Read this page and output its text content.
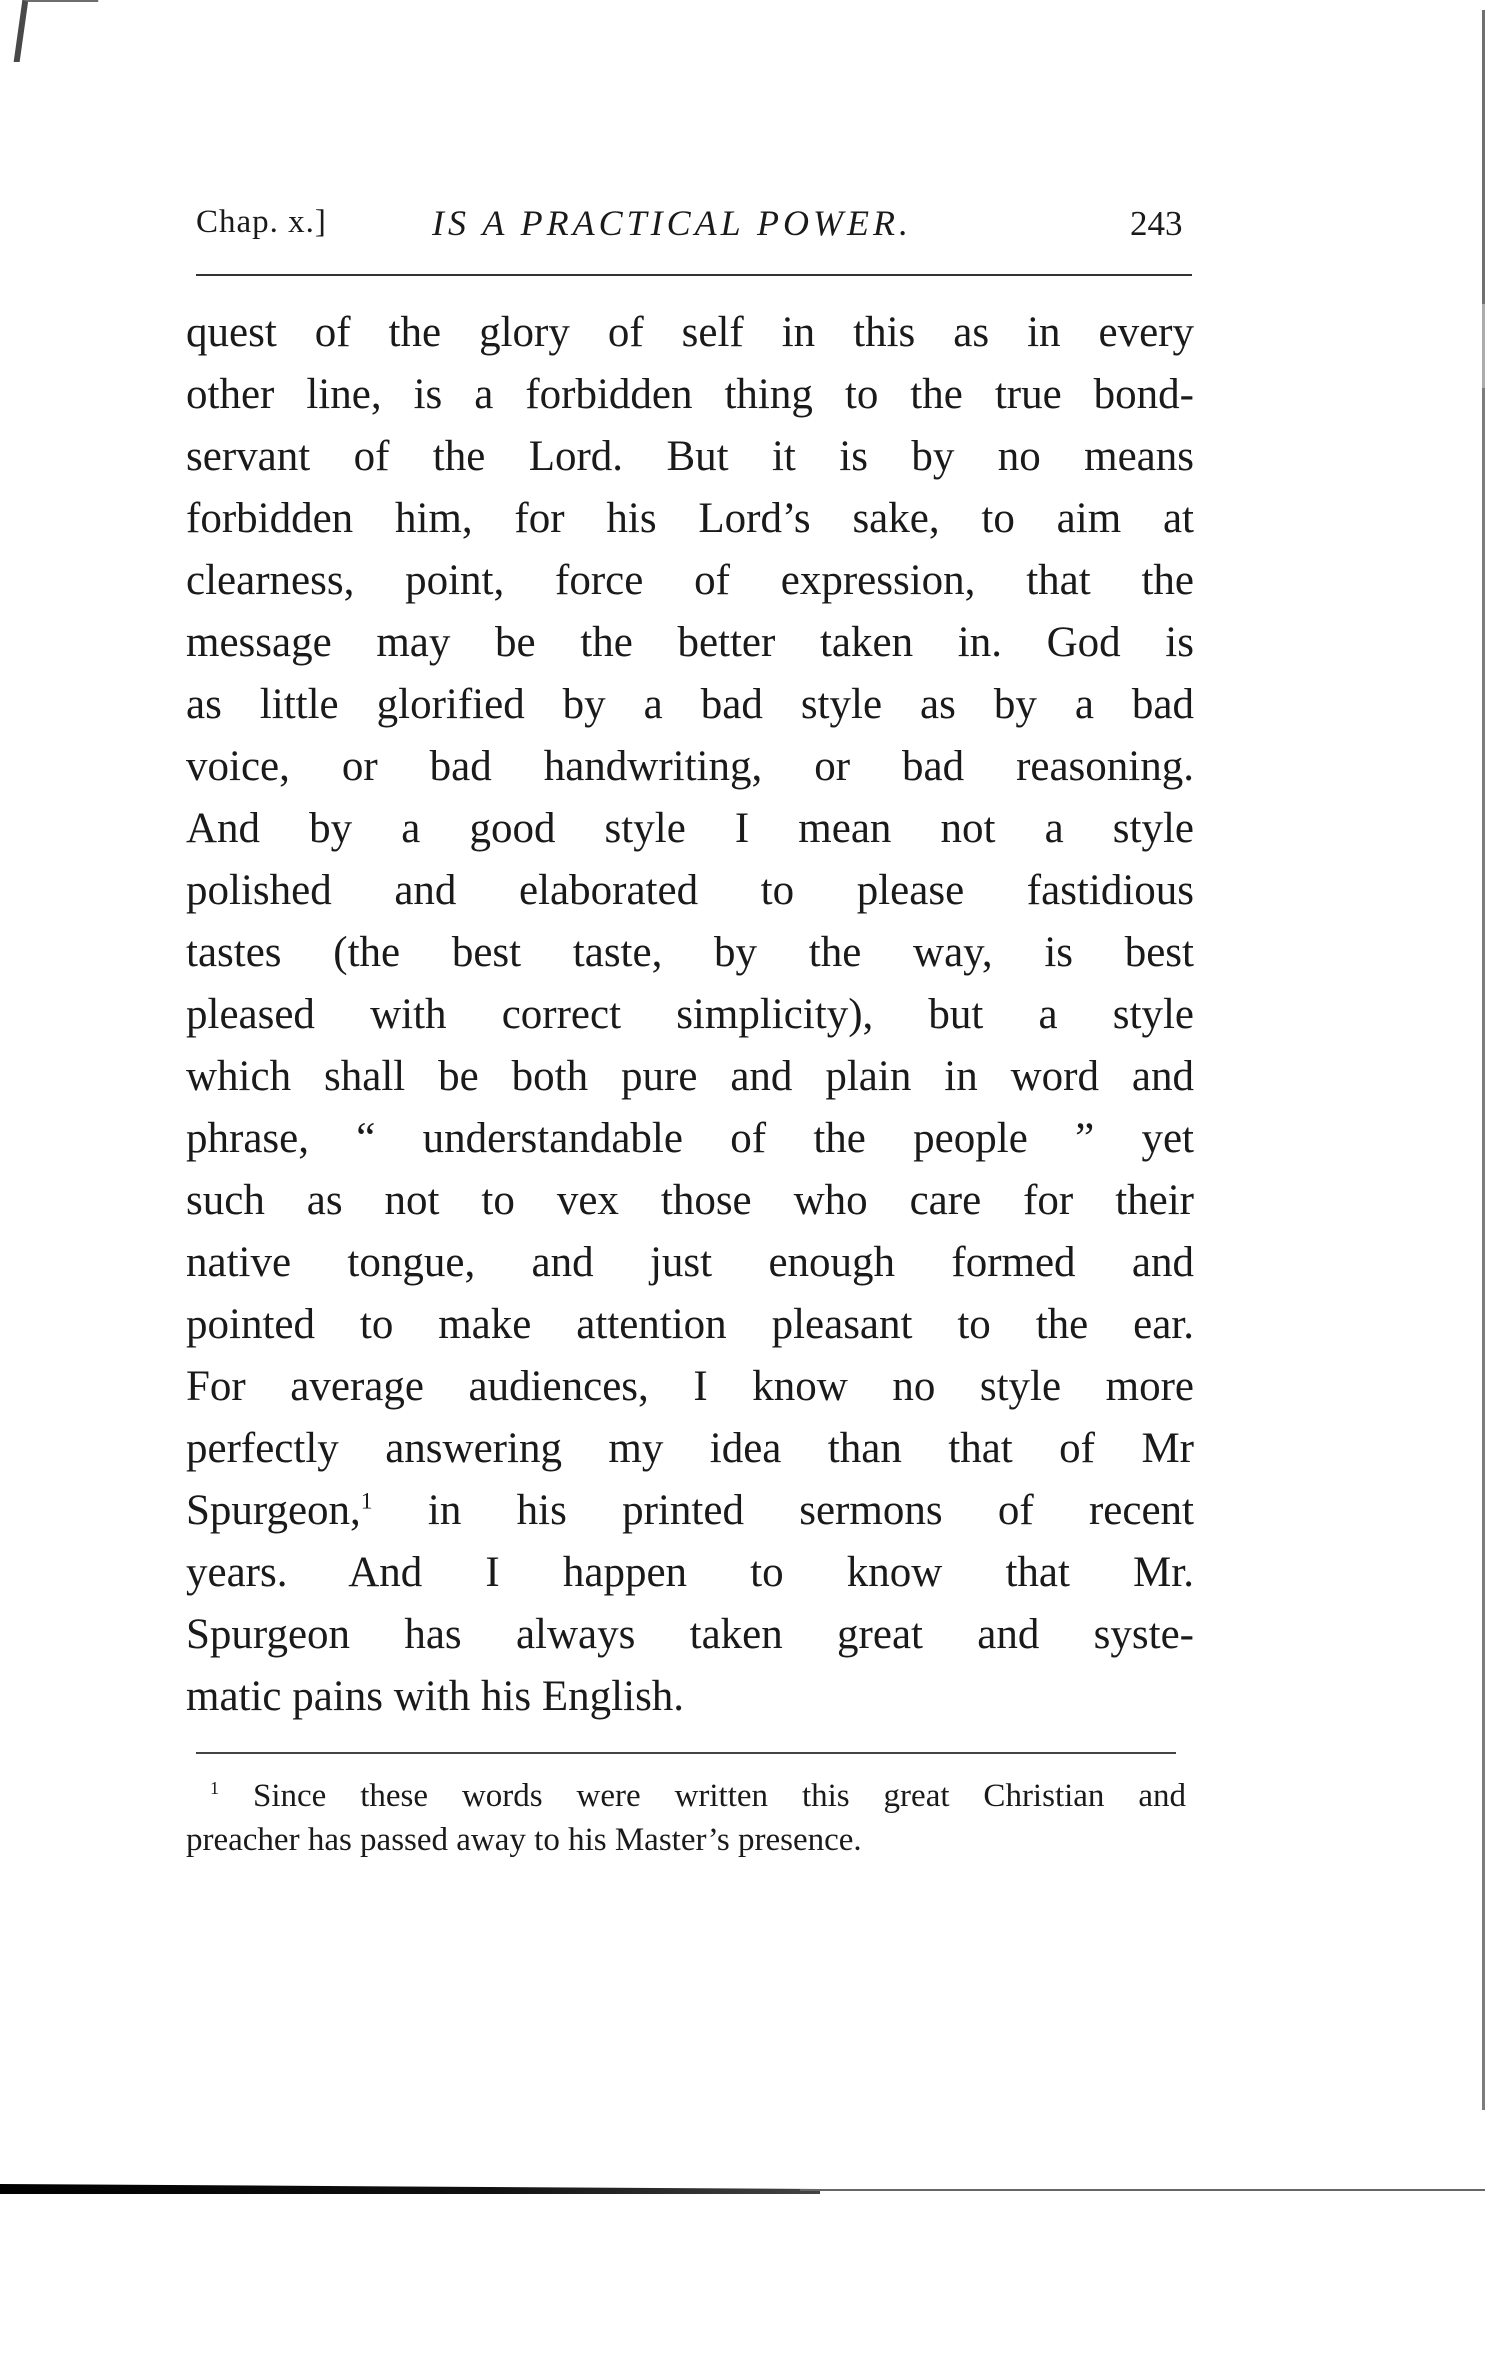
Chap. x.]	IS A PRACTICAL POWER.	243
quest of the glory of self in this as in every
other line, is a forbidden thing to the true bond-
servant of the Lord. But it is by no means
forbidden him, for his Lord’s sake, to aim at
clearness, point, force of expression, that the
message may be the better taken in. God is
as little glorified by a bad style as by a bad
voice, or bad handwriting, or bad reasoning.
And by a good style I mean not a style
polished and elaborated to please fastidious
tastes (the best taste, by the way, is best
pleased with correct simplicity), but a style
which shall be both pure and plain in word and
phrase, “ understandable of the people ” yet
such as not to vex those who care for their
native tongue, and just enough formed and
pointed to make attention pleasant to the ear.
For average audiences, I know no style more
perfectly answering my idea than that of Mr
Spurgeon,$^1$ in his printed sermons of recent
years. And I happen to know that Mr.
Spurgeon has always taken great and syste-
matic pains with his English.
$^1$ Since these words were written this great Christian and
preacher has passed away to his Master’s presence.
